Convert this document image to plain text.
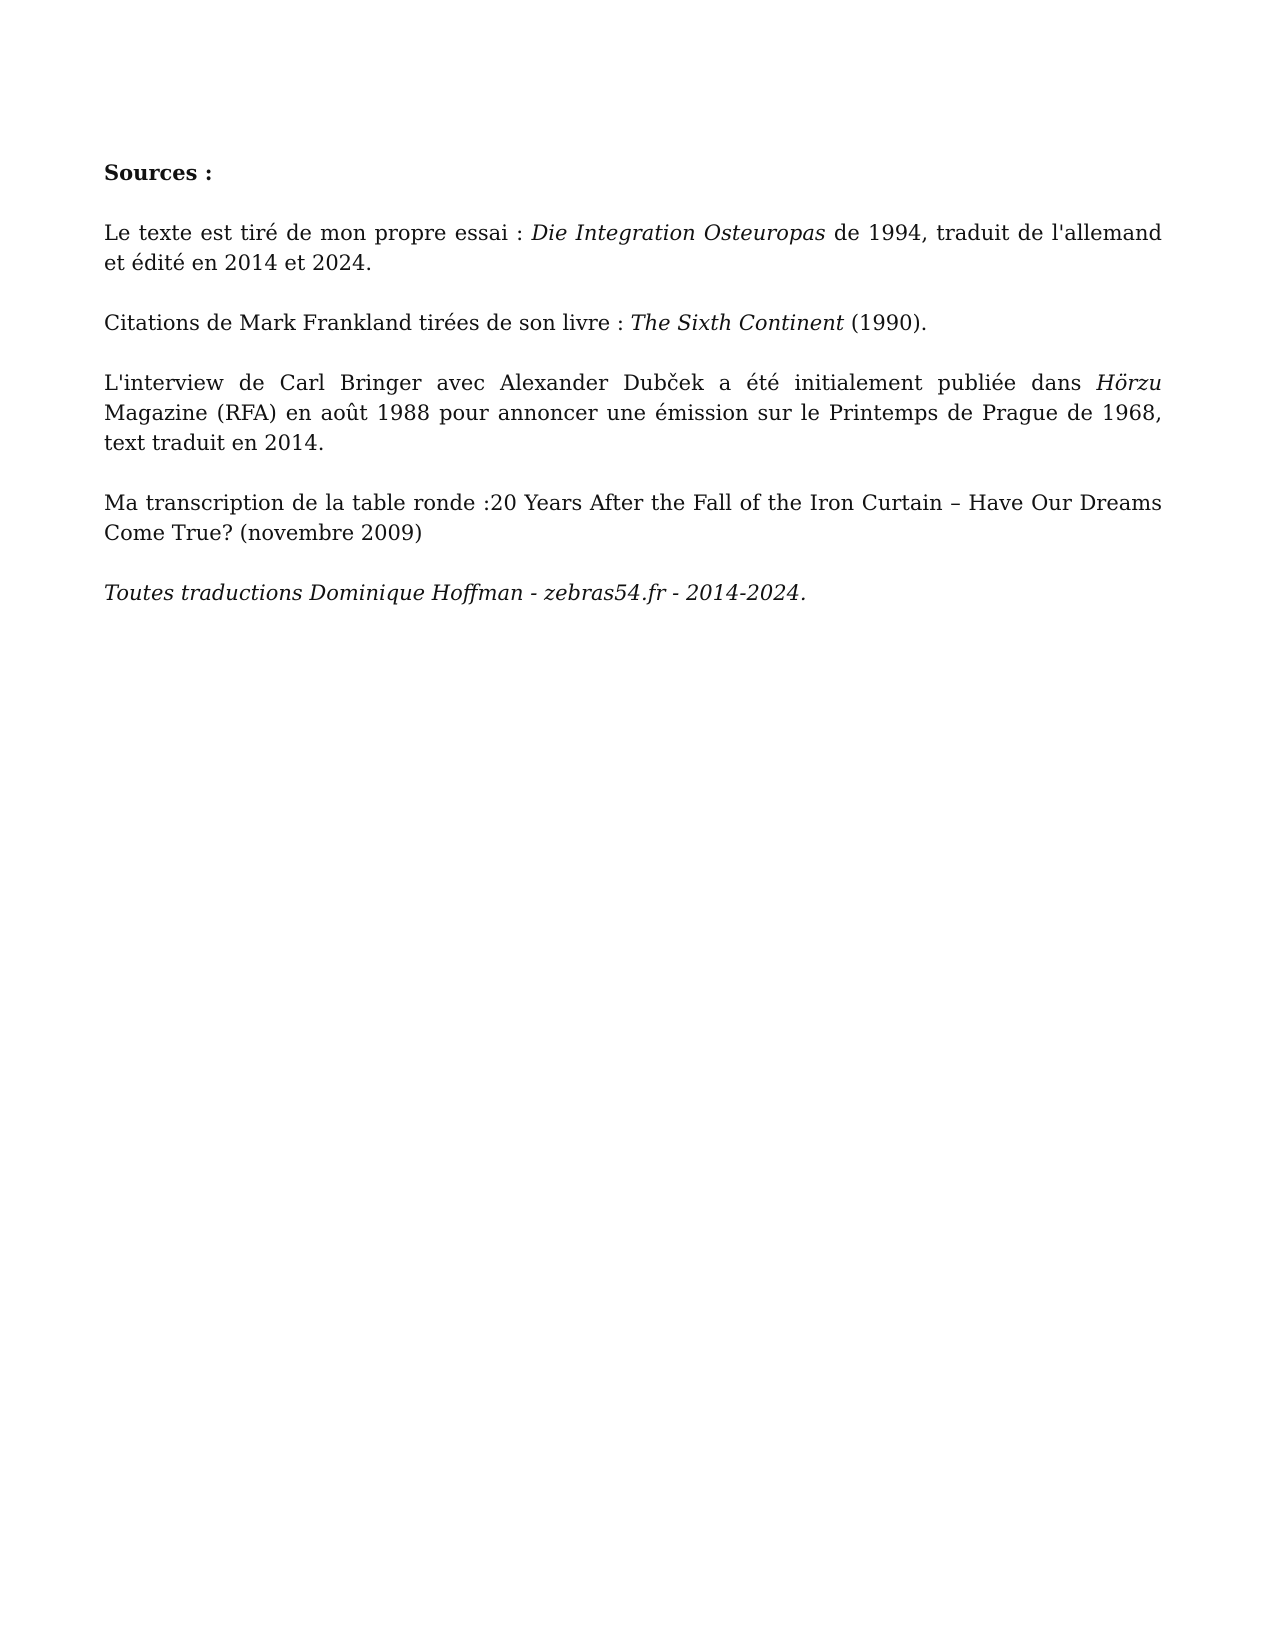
Sources :

Le texte est tiré de mon propre essai : Die Integration Osteuropas de 1994, traduit de l'allemand et édité en 2014 et 2024.

Citations de Mark Frankland tirées de son livre : The Sixth Continent (1990).

L'interview de Carl Bringer avec Alexander Dubček a été initialement publiée dans Hörzu Magazine (RFA) en août 1988 pour annoncer une émission sur le Printemps de Prague de 1968, text traduit en 2014.

Ma transcription de la table ronde :20 Years After the Fall of the Iron Curtain – Have Our Dreams Come True? (novembre 2009)

Toutes traductions Dominique Hoffman - zebras54.fr - 2014-2024.
